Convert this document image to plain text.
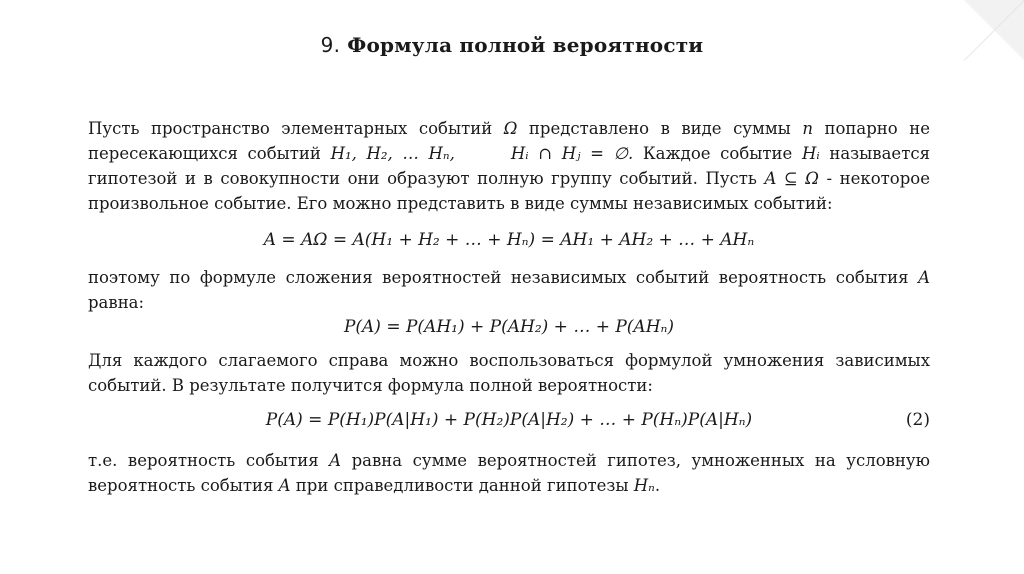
9. Формула полной вероятности

Пусть пространство элементарных событий Ω представлено в виде суммы n попарно не пересекающихся событий H₁, H₂, … Hₙ,	Hᵢ ∩ Hⱼ = ∅. Каждое событие Hᵢ называется гипотезой и в совокупности они образуют полную группу событий. Пусть A ⊆ Ω - некоторое произвольное событие. Его можно представить в виде суммы независимых событий:

A = AΩ = A(H₁ + H₂ + … + Hₙ) = AH₁ + AH₂ + … + AHₙ

поэтому по формуле сложения вероятностей независимых событий вероятность события A равна:

P(A) = P(AH₁) + P(AH₂) + … + P(AHₙ)

Для каждого слагаемого справа можно воспользоваться формулой умножения зависимых событий. В результате получится формула полной вероятности:

P(A) = P(H₁)P(A|H₁) + P(H₂)P(A|H₂) + … + P(Hₙ)P(A|Hₙ)	(2)

т.е. вероятность события A равна сумме вероятностей гипотез, умноженных на условную вероятность события A при справедливости данной гипотезы Hₙ.
